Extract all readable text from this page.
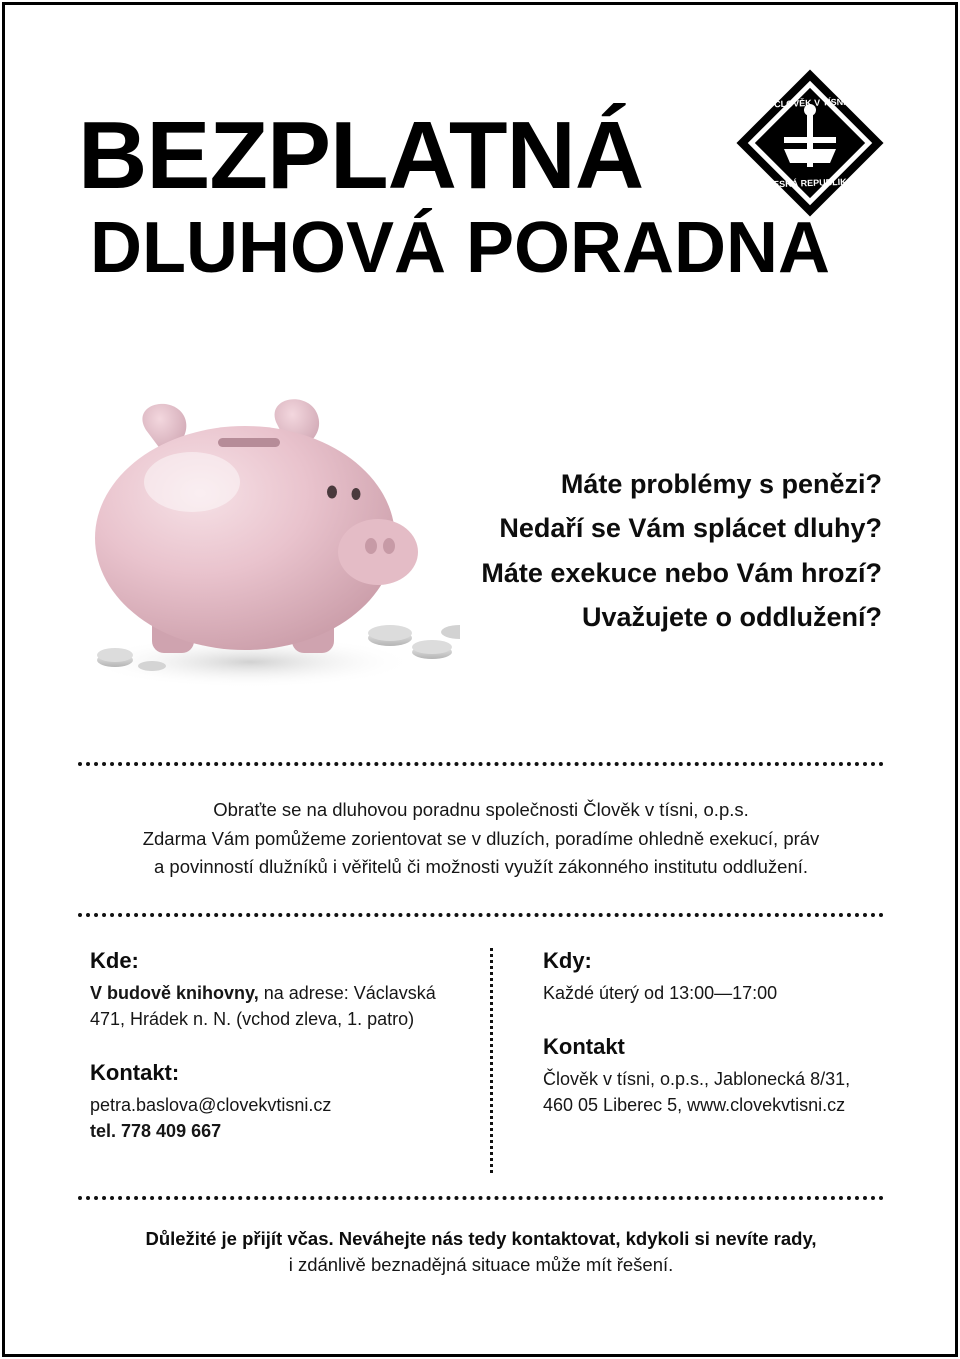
BEZPLATNÁ
DLUHOVÁ PORADNA
ČLOVĚK V TÍSNI
ČESKÁ REPUBLIKA

Máte problémy s penězi?

Nedaří se Vám splácet dluhy?

Máte exekuce nebo Vám hrozí?

Uvažujete o oddlužení?

Obraťte se na dluhovou poradnu společnosti Člověk v tísni, o.p.s.

Zdarma Vám pomůžeme zorientovat se v dluzích, poradíme ohledně exekucí, práv

a povinností dlužníků i věřitelů či možnosti využít zákonného institutu oddlužení.

Kde:

V budově knihovny, na adrese: Václavská

471, Hrádek n. N. (vchod zleva, 1. patro)

Kontakt:

petra.baslova@clovekvtisni.cz

tel. 778 409 667

Kdy:

Každé úterý od 13:00—17:00

Kontakt

Člověk v tísni, o.p.s., Jablonecká 8/31,

460 05 Liberec 5, www.clovekvtisni.cz

Důležité je přijít včas. Neváhejte nás tedy kontaktovat, kdykoli si nevíte rady,

i zdánlivě beznadějná situace může mít řešení.
